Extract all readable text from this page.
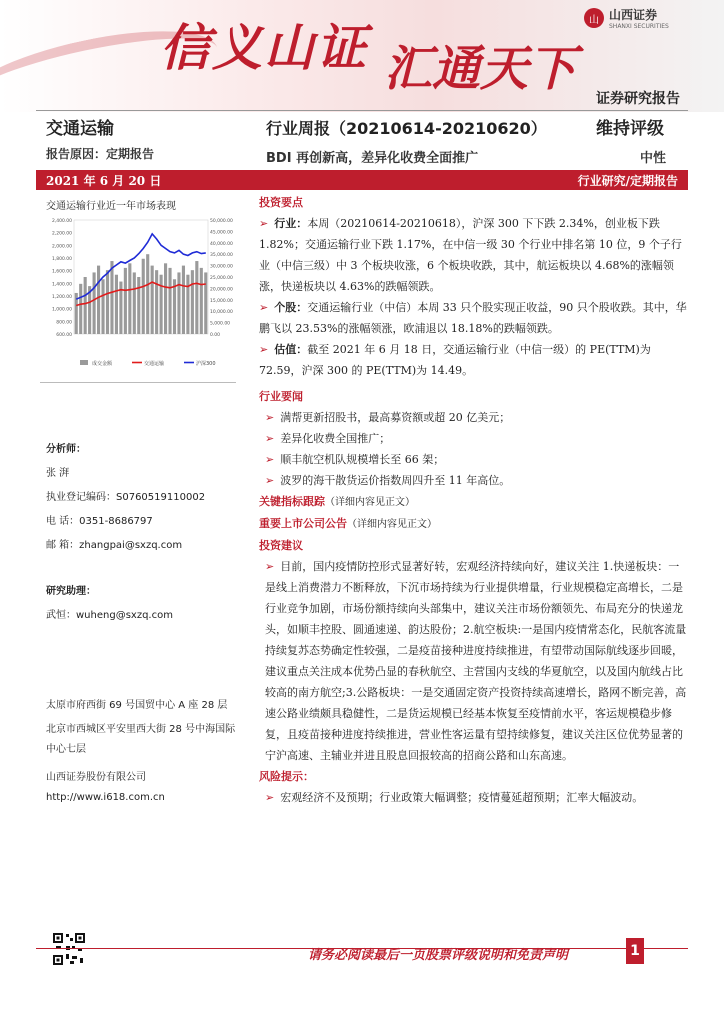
信义山证 汇通天下
山 山西证券
SHANXI SECURITIES
证券研究报告
交通运输	行业周报（20210614-20210620）	维持评级
报告原因：定期报告	BDI 再创新高，差异化收费全面推广	中性
2021 年 6 月 20 日	行业研究/定期报告
交通运输行业近一年市场表现
2,400.00
2,200.00
2,000.00
1,800.00
1,600.00
1,400.00
1,200.00
1,000.00
800.00
600.00
50,000.00
45,000.00
40,000.00
35,000.00
30,000.00
25,000.00
20,000.00
15,000.00
10,000.00
5,000.00
0.00
成交金额	交通运输	沪深300
分析师：
张 湃
执业登记编码：S0760519110002
电 话：0351-8686797
邮 箱：zhangpai@sxzq.com
研究助理：
武恒：wuheng@sxzq.com
太原市府西街 69 号国贸中心 A 座 28 层
北京市西城区平安里西大街 28 号中海国际中心七层
山西证券股份有限公司
http://www.i618.com.cn
投资要点
➢ 行业：本周（20210614-20210618），沪深 300 下下跌 2.34%，创业板下跌 1.82%；交通运输行业下跌 1.17%，在中信一级 30 个行业中排名第 10 位，9 个子行业（中信三级）中 3 个板块收涨，6 个板块收跌，其中，航运板块以 4.68%的涨幅领涨，快递板块以 4.63%的跌幅领跌。
➢ 个股：交通运输行业（中信）本周 33 只个股实现正收益，90 只个股收跌。其中，华鹏飞以 23.53%的涨幅领涨，欧浦退以 18.18%的跌幅领跌。
➢ 估值：截至 2021 年 6 月 18 日，交通运输行业（中信一级）的 PE(TTM)为 72.59，沪深 300 的 PE(TTM)为 14.49。
行业要闻
➢ 满帮更新招股书，最高募资额或超 20 亿美元；
➢ 差异化收费全国推广；
➢ 顺丰航空机队规模增长至 66 架；
➢ 波罗的海干散货运价指数周四升至 11 年高位。
关键指标跟踪（详细内容见正文）
重要上市公司公告（详细内容见正文）
投资建议
➢ 目前，国内疫情防控形式显著好转，宏观经济持续向好，建议关注 1.快递板块：一是线上消费潜力不断释放，下沉市场持续为行业提供增量，行业规模稳定高增长，二是行业竞争加剧，市场份额持续向头部集中，建议关注市场份额领先、布局充分的快递龙头，如顺丰控股、圆通速递、韵达股份；2.航空板块:一是国内疫情常态化，民航客流量持续复苏态势确定性较强，二是疫苗接种进度持续推进，有望带动国际航线逐步回暖，建议重点关注成本优势凸显的春秋航空、主营国内支线的华夏航空，以及国内航线占比较高的南方航空;3.公路板块：一是交通固定资产投资持续高速增长，路网不断完善，高速公路业绩颇具稳健性，二是货运规模已经基本恢复至疫情前水平，客运规模稳步修复，且疫苗接种进度持续推进，营业性客运量有望持续修复，建议关注区位优势显著的宁沪高速、主辅业并进且股息回报较高的招商公路和山东高速。
风险提示：
➢ 宏观经济不及预期；行业政策大幅调整；疫情蔓延超预期；汇率大幅波动。
请务必阅读最后一页股票评级说明和免责声明	1
